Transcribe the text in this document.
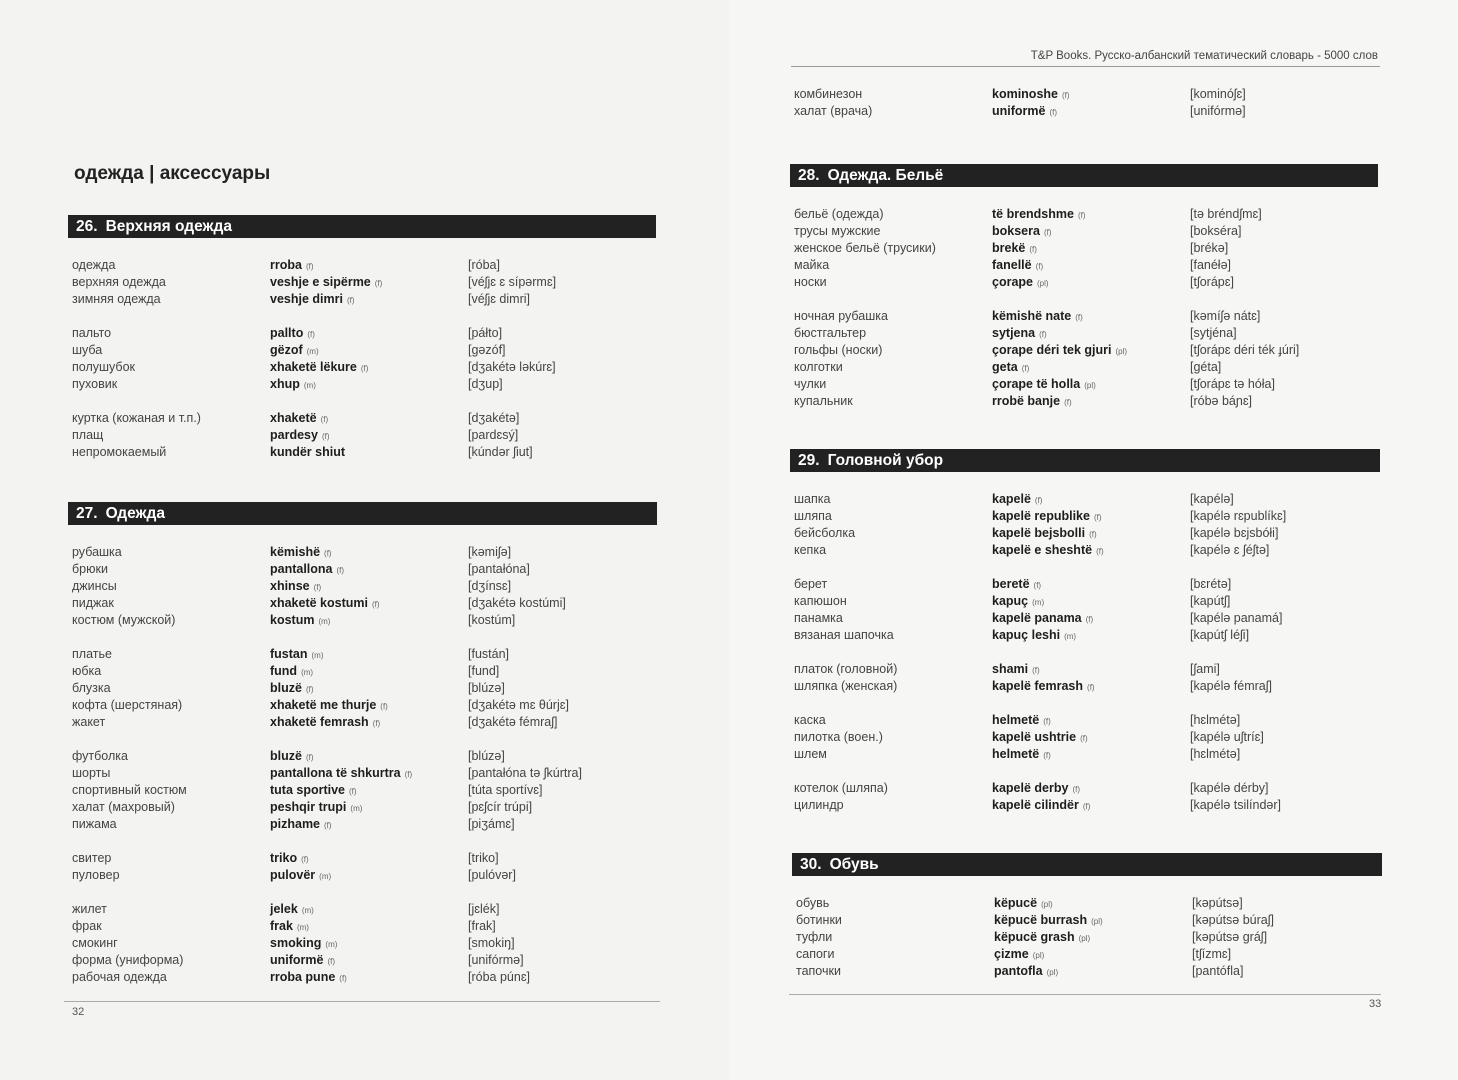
одежда | аксессуары
26. Верхняя одежда
одежда	rroba (f)	[róba]
верхняя одежда	veshje e sipërme (f)	[véʃjɛ ɛ sípərmɛ]
зимняя одежда	veshje dimri (f)	[véʃjɛ dimri]
пальто	pallto (f)	[páłto]
шуба	gëzof (m)	[gəzóf]
полушубок	xhaketë lëkure (f)	[dʒakétə ləkúrɛ]
пуховик	xhup (m)	[dʒup]
куртка (кожаная и т.п.)	xhaketë (f)	[dʒakétə]
плащ	pardesy (f)	[pardɛsý]
непромокаемый	kundër shiut	[kúndər ʃiut]
27. Одежда
рубашка	këmishë (f)	[kəmiʃə]
брюки	pantallona (f)	[pantałóna]
джинсы	xhinse (f)	[dʒínsɛ]
пиджак	xhaketë kostumi (f)	[dʒakétə kostúmi]
костюм (мужской)	kostum (m)	[kostúm]
платье	fustan (m)	[fustán]
юбка	fund (m)	[fund]
блузка	bluzë (f)	[blúzə]
кофта (шерстяная)	xhaketë me thurje (f)	[dʒakétə mɛ θúrjɛ]
жакет	xhaketë femrash (f)	[dʒakétə fémraʃ]
футболка	bluzë (f)	[blúzə]
шорты	pantallona të shkurtra (f)	[pantałóna tə ʃkúrtra]
спортивный костюм	tuta sportive (f)	[túta sportívɛ]
халат (махровый)	peshqir trupi (m)	[pɛʃcír trúpi]
пижама	pizhame (f)	[piʒámɛ]
свитер	triko (f)	[triko]
пуловер	pulovër (m)	[pulóvər]
жилет	jelek (m)	[jɛlék]
фрак	frak (m)	[frak]
смокинг	smoking (m)	[smokiŋ]
форма (униформа)	uniformë (f)	[unifórmə]
рабочая одежда	rroba pune (f)	[róba púnɛ]
32
T&P Books. Русско-албанский тематический словарь - 5000 слов
комбинезон	kominoshe (f)	[kominóʃɛ]
халат (врача)	uniformë (f)	[unifórmə]
28. Одежда. Бельё
бельё (одежда)	të brendshme (f)	[tə bréndʃmɛ]
трусы мужские	boksera (f)	[bokséra]
женское бельё (трусики)	brekë (f)	[brékə]
майка	fanellë (f)	[fanéłə]
носки	çorape (pl)	[tʃorápɛ]
ночная рубашка	këmishë nate (f)	[kəmíʃə nátɛ]
бюстгальтер	sytjena (f)	[sytjéna]
гольфы (носки)	çorape déri tek gjuri (pl)	[tʃorápɛ déri ték ɟúri]
колготки	geta (f)	[géta]
чулки	çorape të holla (pl)	[tʃorápɛ tə hóła]
купальник	rrobë banje (f)	[róbə báɲɛ]
29. Головной убор
шапка	kapelë (f)	[kapélə]
шляпа	kapelë republike (f)	[kapélə rɛpublíkɛ]
бейсболка	kapelë bejsbolli (f)	[kapélə bɛjsbółi]
кепка	kapelë e sheshtë (f)	[kapélə ɛ ʃéʃtə]
берет	beretë (f)	[bɛrétə]
капюшон	kapuç (m)	[kapútʃ]
панамка	kapelë panama (f)	[kapélə panamá]
вязаная шапочка	kapuç leshi (m)	[kapútʃ léʃi]
платок (головной)	shami (f)	[ʃami]
шляпка (женская)	kapelë femrash (f)	[kapélə fémraʃ]
каска	helmetë (f)	[hɛlmétə]
пилотка (воен.)	kapelë ushtrie (f)	[kapélə uʃtríɛ]
шлем	helmetë (f)	[hɛlmétə]
котелок (шляпа)	kapelë derby (f)	[kapélə dérby]
цилиндр	kapelë cilindër (f)	[kapélə tsilíndər]
30. Обувь
обувь	këpucë (pl)	[kəpútsə]
ботинки	këpucë burrash (pl)	[kəpútsə búraʃ]
туфли	këpucë grash (pl)	[kəpútsə gráʃ]
сапоги	çizme (pl)	[tʃízmɛ]
тапочки	pantofla (pl)	[pantófla]
33
